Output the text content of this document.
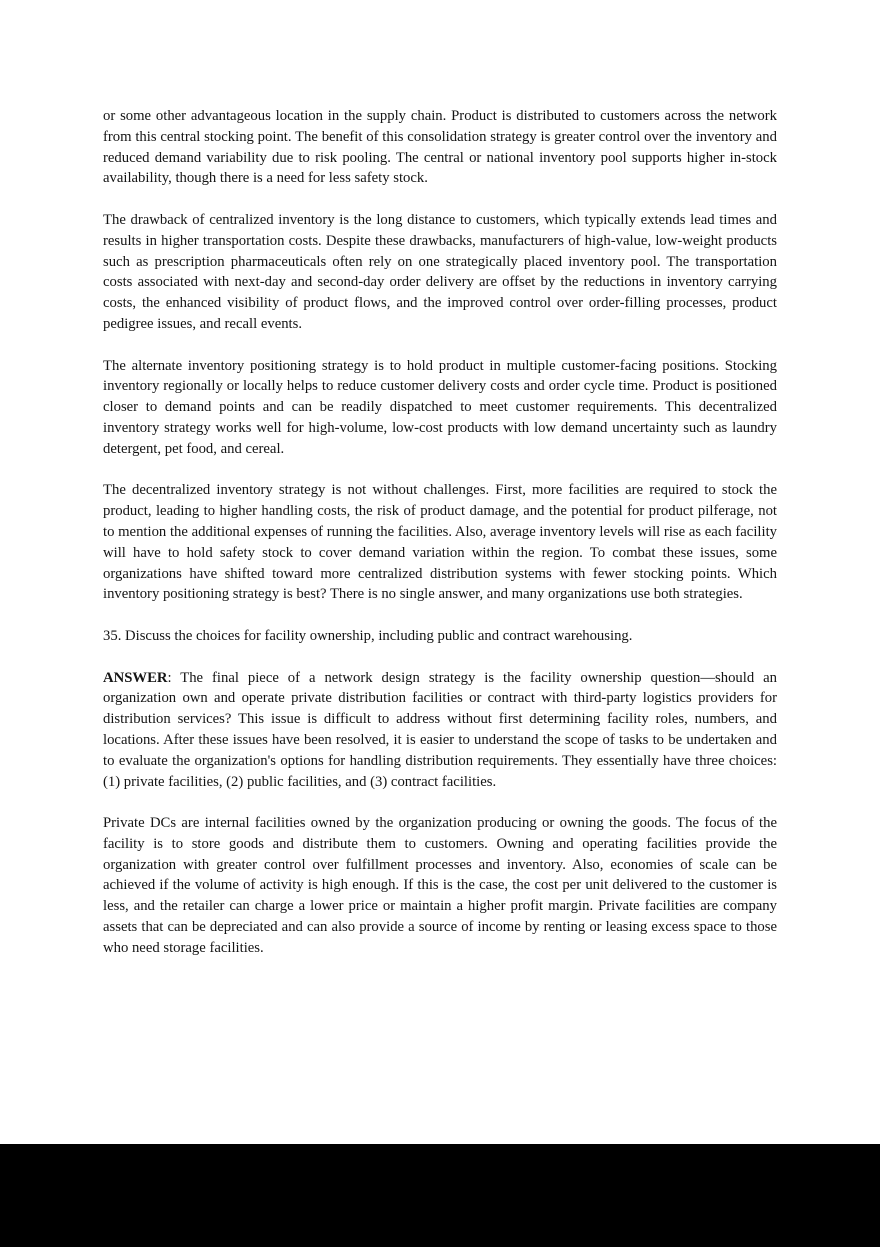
or some other advantageous location in the supply chain. Product is distributed to customers across the network from this central stocking point. The benefit of this consolidation strategy is greater control over the inventory and reduced demand variability due to risk pooling. The central or national inventory pool supports higher in-stock availability, though there is a need for less safety stock.

The drawback of centralized inventory is the long distance to customers, which typically extends lead times and results in higher transportation costs. Despite these drawbacks, manufacturers of high-value, low-weight products such as prescription pharmaceuticals often rely on one strategically placed inventory pool. The transportation costs associated with next-day and second-day order delivery are offset by the reductions in inventory carrying costs, the enhanced visibility of product flows, and the improved control over order-filling processes, product pedigree issues, and recall events.

The alternate inventory positioning strategy is to hold product in multiple customer-facing positions. Stocking inventory regionally or locally helps to reduce customer delivery costs and order cycle time. Product is positioned closer to demand points and can be readily dispatched to meet customer requirements. This decentralized inventory strategy works well for high-volume, low-cost products with low demand uncertainty such as laundry detergent, pet food, and cereal.

The decentralized inventory strategy is not without challenges. First, more facilities are required to stock the product, leading to higher handling costs, the risk of product damage, and the potential for product pilferage, not to mention the additional expenses of running the facilities. Also, average inventory levels will rise as each facility will have to hold safety stock to cover demand variation within the region. To combat these issues, some organizations have shifted toward more centralized distribution systems with fewer stocking points. Which inventory positioning strategy is best? There is no single answer, and many organizations use both strategies.

35. Discuss the choices for facility ownership, including public and contract warehousing.

ANSWER: The final piece of a network design strategy is the facility ownership question—should an organization own and operate private distribution facilities or contract with third-party logistics providers for distribution services? This issue is difficult to address without first determining facility roles, numbers, and locations. After these issues have been resolved, it is easier to understand the scope of tasks to be undertaken and to evaluate the organization's options for handling distribution requirements. They essentially have three choices: (1) private facilities, (2) public facilities, and (3) contract facilities.

Private DCs are internal facilities owned by the organization producing or owning the goods. The focus of the facility is to store goods and distribute them to customers. Owning and operating facilities provide the organization with greater control over fulfillment processes and inventory. Also, economies of scale can be achieved if the volume of activity is high enough. If this is the case, the cost per unit delivered to the customer is less, and the retailer can charge a lower price or maintain a higher profit margin. Private facilities are company assets that can be depreciated and can also provide a source of income by renting or leasing excess space to those who need storage facilities.
